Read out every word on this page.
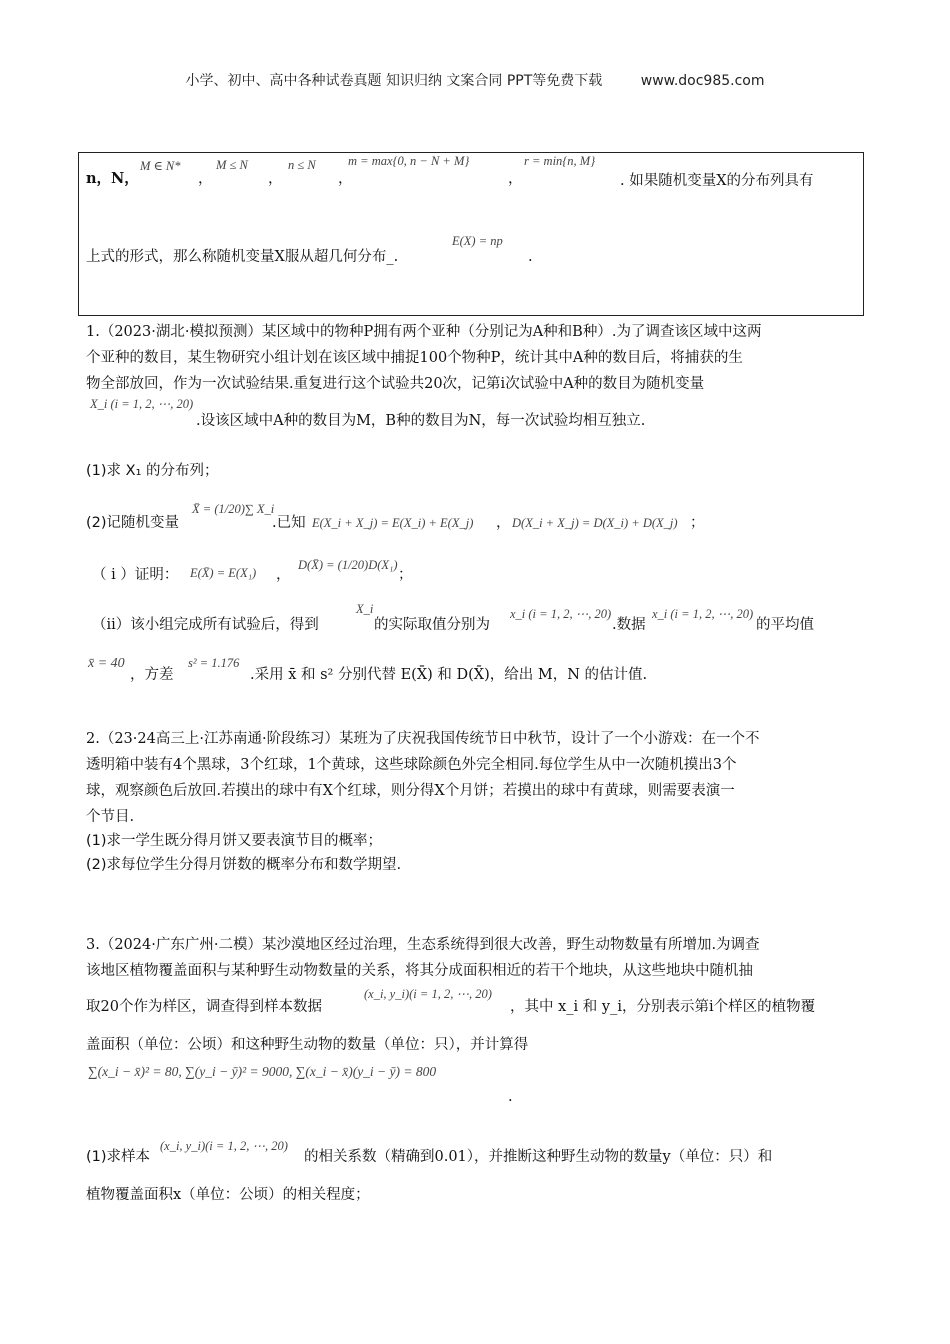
小学、初中、高中各种试卷真题 知识归纳 文案合同 PPT等免费下载	www.doc985.com
n，N，
M ∈ N*
，
M ≤ N
，
n ≤ N
，
m = max{0, n − N + M}
，
r = min{n, M}
. 如果随机变量X的分布列具有
上式的形式，那么称随机变量X服从超几何分布_.
E(X) = np
.
1.（2023·湖北·模拟预测）某区域中的物种P拥有两个亚种（分别记为A种和B种）.为了调查该区域中这两
个亚种的数目，某生物研究小组计划在该区域中捕捉100个物种P，统计其中A种的数目后，将捕获的生
物全部放回，作为一次试验结果.重复进行这个试验共20次，记第i次试验中A种的数目为随机变量
X_i (i = 1, 2, ⋯, 20)
.设该区域中A种的数目为M，B种的数目为N，每一次试验均相互独立.
(1)求 X₁ 的分布列；
(2)记随机变量
X̄ = (1/20)∑ X_i
.已知 E(X_i + X_j) = E(X_i) + E(X_j) ， D(X_i + X_j) = D(X_i) + D(X_j) ；
（ i ）证明： E(X̄) = E(X₁) ，
D(X̄) = (1/20)D(X₁)
；
（ii）该小组完成所有试验后，得到
X_i
的实际取值分别为
x_i (i = 1, 2, ⋯, 20)
.数据
x_i (i = 1, 2, ⋯, 20)
的平均值
x̄ = 40
，方差
s² = 1.176
.采用 x̄ 和 s² 分别代替 E(X̄) 和 D(X̄)，给出 M，N 的估计值.
2.（23·24高三上·江苏南通·阶段练习）某班为了庆祝我国传统节日中秋节，设计了一个小游戏：在一个不
透明箱中装有4个黑球，3个红球，1个黄球，这些球除颜色外完全相同.每位学生从中一次随机摸出3个
球，观察颜色后放回.若摸出的球中有X个红球，则分得X个月饼；若摸出的球中有黄球，则需要表演一
个节目.
(1)求一学生既分得月饼又要表演节目的概率；
(2)求每位学生分得月饼数的概率分布和数学期望.
3.（2024·广东广州·二模）某沙漠地区经过治理，生态系统得到很大改善，野生动物数量有所增加.为调查
该地区植物覆盖面积与某种野生动物数量的关系，将其分成面积相近的若干个地块，从这些地块中随机抽
取20个作为样区，调查得到样本数据
(x_i, y_i)(i = 1, 2, ⋯, 20)
，其中 x_i 和 y_i，分别表示第i个样区的植物覆
盖面积（单位：公顷）和这种野生动物的数量（单位：只），并计算得
∑(x_i − x̄)² = 80, ∑(y_i − ȳ)² = 9000, ∑(x_i − x̄)(y_i − ȳ) = 800
.
(1)求样本
(x_i, y_i)(i = 1, 2, ⋯, 20)
的相关系数（精确到0.01），并推断这种野生动物的数量y（单位：只）和
植物覆盖面积x（单位：公顷）的相关程度；
